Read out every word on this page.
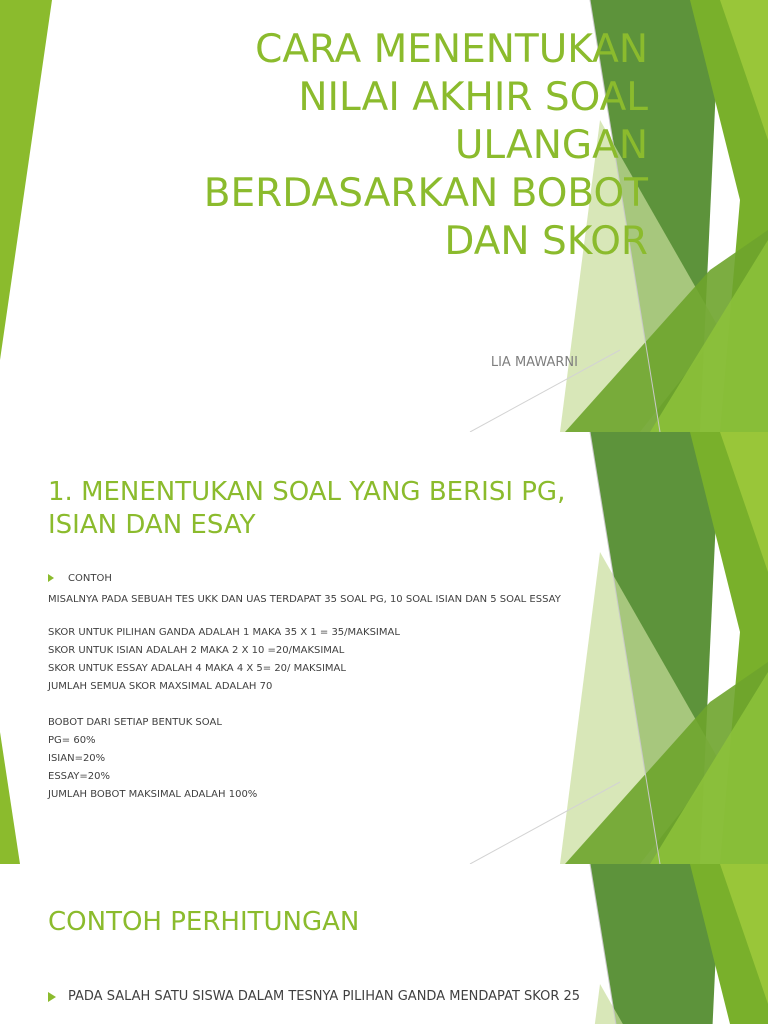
CARA MENENTUKAN
NILAI AKHIR SOAL
ULANGAN
BERDASARKAN BOBOT
DAN SKOR
LIA MAWARNI
1. MENENTUKAN SOAL YANG BERISI PG, ISIAN DAN ESAY
CONTOH
MISALNYA PADA SEBUAH TES UKK DAN UAS TERDAPAT 35 SOAL PG, 10 SOAL ISIAN DAN 5 SOAL ESSAY
SKOR UNTUK PILIHAN GANDA ADALAH 1 MAKA 35 X 1 = 35/MAKSIMAL
SKOR UNTUK ISIAN ADALAH 2 MAKA 2 X 10 =20/MAKSIMAL
SKOR UNTUK ESSAY ADALAH 4 MAKA 4 X 5= 20/ MAKSIMAL
JUMLAH SEMUA SKOR MAXSIMAL ADALAH 70
BOBOT DARI SETIAP BENTUK SOAL
PG= 60%
ISIAN=20%
ESSAY=20%
JUMLAH BOBOT MAKSIMAL ADALAH 100%
CONTOH PERHITUNGAN
PADA SALAH SATU SISWA DALAM TESNYA PILIHAN GANDA MENDAPAT SKOR 25
